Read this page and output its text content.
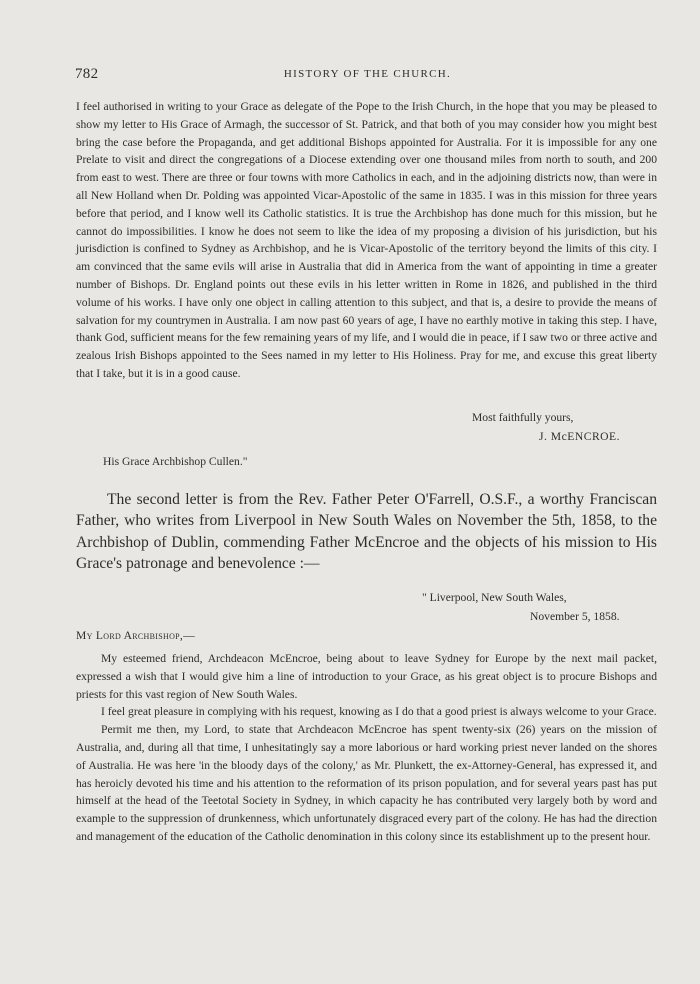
782	HISTORY OF THE CHURCH.

I feel authorised in writing to your Grace as delegate of the Pope to the Irish Church, in the hope that you may be pleased to show my letter to His Grace of Armagh, the successor of St. Patrick, and that both of you may consider how you might best bring the case before the Propaganda, and get additional Bishops appointed for Australia. For it is impossible for any one Prelate to visit and direct the congregations of a Diocese extending over one thousand miles from north to south, and 200 from east to west. There are three or four towns with more Catholics in each, and in the adjoining districts now, than were in all New Holland when Dr. Polding was appointed Vicar-Apostolic of the same in 1835. I was in this mission for three years before that period, and I know well its Catholic statistics. It is true the Archbishop has done much for this mission, but he cannot do impossibilities. I know he does not seem to like the idea of my proposing a division of his jurisdiction, but his jurisdiction is confined to Sydney as Archbishop, and he is Vicar-Apostolic of the territory beyond the limits of this city. I am convinced that the same evils will arise in Australia that did in America from the want of appointing in time a greater number of Bishops. Dr. England points out these evils in his letter written in Rome in 1826, and published in the third volume of his works. I have only one object in calling attention to this subject, and that is, a desire to provide the means of salvation for my countrymen in Australia. I am now past 60 years of age, I have no earthly motive in taking this step. I have, thank God, sufficient means for the few remaining years of my life, and I would die in peace, if I saw two or three active and zealous Irish Bishops appointed to the Sees named in my letter to His Holiness. Pray for me, and excuse this great liberty that I take, but it is in a good cause.

Most faithfully yours,
J. McENCROE.
His Grace Archbishop Cullen."

The second letter is from the Rev. Father Peter O'Farrell, O.S.F., a worthy Franciscan Father, who writes from Liverpool in New South Wales on November the 5th, 1858, to the Archbishop of Dublin, commending Father McEncroe and the objects of his mission to His Grace's patronage and benevolence :—

" Liverpool, New South Wales,
November 5, 1858.
My Lord Archbishop,—

My esteemed friend, Archdeacon McEncroe, being about to leave Sydney for Europe by the next mail packet, expressed a wish that I would give him a line of introduction to your Grace, as his great object is to procure Bishops and priests for this vast region of New South Wales.

I feel great pleasure in complying with his request, knowing as I do that a good priest is always welcome to your Grace.

Permit me then, my Lord, to state that Archdeacon McEncroe has spent twenty-six (26) years on the mission of Australia, and, during all that time, I unhesitatingly say a more laborious or hard working priest never landed on the shores of Australia. He was here 'in the bloody days of the colony,' as Mr. Plunkett, the ex-Attorney-General, has expressed it, and has heroicly devoted his time and his attention to the reformation of its prison population, and for several years past has put himself at the head of the Teetotal Society in Sydney, in which capacity he has contributed very largely both by word and example to the suppression of drunkenness, which unfortunately disgraced every part of the colony. He has had the direction and management of the education of the Catholic denomination in this colony since its establishment up to the present hour.
